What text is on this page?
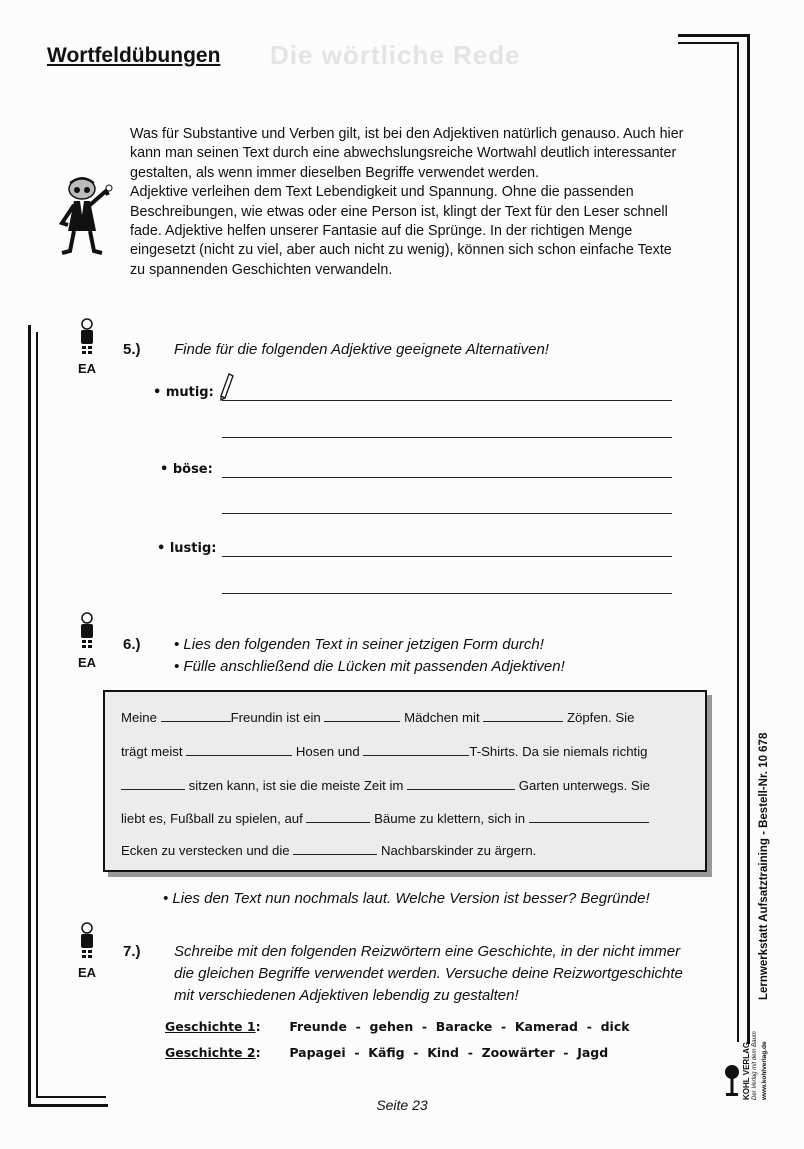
Die wörtliche Rede
Wortfeldübungen

Was für Substantive und Verben gilt, ist bei den Adjektiven natürlich genauso. Auch hier kann man seinen Text durch eine abwechslungsreiche Wortwahl deutlich interessanter gestalten, als wenn immer dieselben Begriffe verwendet werden.

Adjektive verleihen dem Text Lebendigkeit und Spannung. Ohne die passenden Beschreibungen, wie etwas oder eine Person ist, klingt der Text für den Leser schnell fade. Adjektive helfen unserer Fantasie auf die Sprünge. In der richtigen Menge eingesetzt (nicht zu viel, aber auch nicht zu wenig), können sich schon einfache Texte zu spannenden Geschichten verwandeln.

EA
EA
EA
5.) Finde für die folgenden Adjektive geeignete Alternativen!
• mutig:
• böse:
• lustig:
6.) • Lies den folgenden Text in seiner jetzigen Form durch!
• Fülle anschließend die Lücken mit passenden Adjektiven!
Meine	Freundin ist ein	Mädchen mit	Zöpfen. Sie
trägt meist	Hosen und	T-Shirts. Da sie niemals richtig
sitzen kann, ist sie die meiste Zeit im	Garten unterwegs. Sie
liebt es, Fußball zu spielen, auf	Bäume zu klettern, sich in
Ecken zu verstecken und die	Nachbarskinder zu ärgern.
• Lies den Text nun nochmals laut. Welche Version ist besser? Begründe!
7.) Schreibe mit den folgenden Reizwörtern eine Geschichte, in der nicht immer die gleichen Begriffe verwendet werden. Versuche deine Reizwortgeschichte mit verschiedenen Adjektiven lebendig zu gestalten!
Geschichte 1: Freunde  -  gehen  -  Baracke  -  Kamerad  -  dick
Geschichte 2: Papagei  -  Käfig  -  Kind  -  Zoowärter  -  Jagd
Seite 23
Lernwerkstatt Aufsatztraining - Bestell-Nr. 10 678
KOHL VERLAG Der Verlag mit dem Baum www.kohlverlag.de
